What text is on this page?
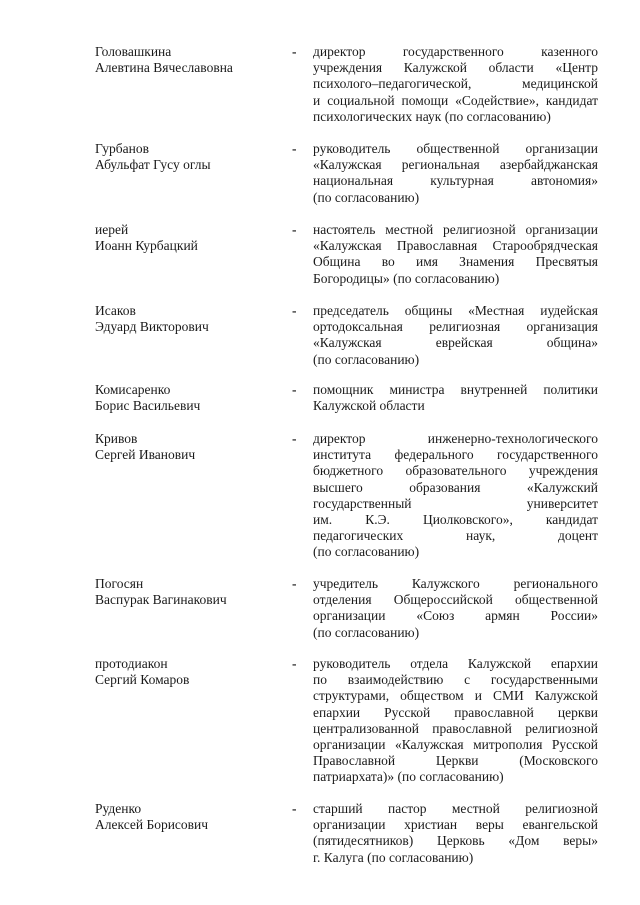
Головашкина
Алевтина Вячеславовна
- директор государственного казенного
учреждения Калужской области «Центр
психолого–педагогической, медицинской
и социальной помощи «Содействие», кандидат
психологических наук (по согласованию)
Гурбанов
Абульфат Гусу оглы
- руководитель общественной организации
«Калужская региональная азербайджанская
национальная культурная автономия»
(по согласованию)
иерей
Иоанн Курбацкий
- настоятель местной религиозной организации
«Калужская Православная Старообрядческая
Община во имя Знамения Пресвятыя
Богородицы» (по согласованию)
Исаков
Эдуард Викторович
- председатель общины «Местная иудейская
ортодоксальная религиозная организация
«Калужская еврейская община»
(по согласованию)
Комисаренко
Борис Васильевич
- помощник министра внутренней политики
Калужской области
Кривов
Сергей Иванович
- директор инженерно-технологического
института федерального государственного
бюджетного образовательного учреждения
высшего образования «Калужский
государственный университет
им. К.Э. Циолковского», кандидат
педагогических наук, доцент
(по согласованию)
Погосян
Васпурак Вагинакович
- учредитель Калужского регионального
отделения Общероссийской общественной
организации «Союз армян России»
(по согласованию)
протодиакон
Сергий Комаров
- руководитель отдела Калужской епархии
по взаимодействию с государственными
структурами, обществом и СМИ Калужской
епархии Русской православной церкви
централизованной православной религиозной
организации «Калужская митрополия Русской
Православной Церкви (Московского
патриархата)» (по согласованию)
Руденко
Алексей Борисович
- старший пастор местной религиозной
организации христиан веры евангельской
(пятидесятников) Церковь «Дом веры»
г. Калуга (по согласованию)
